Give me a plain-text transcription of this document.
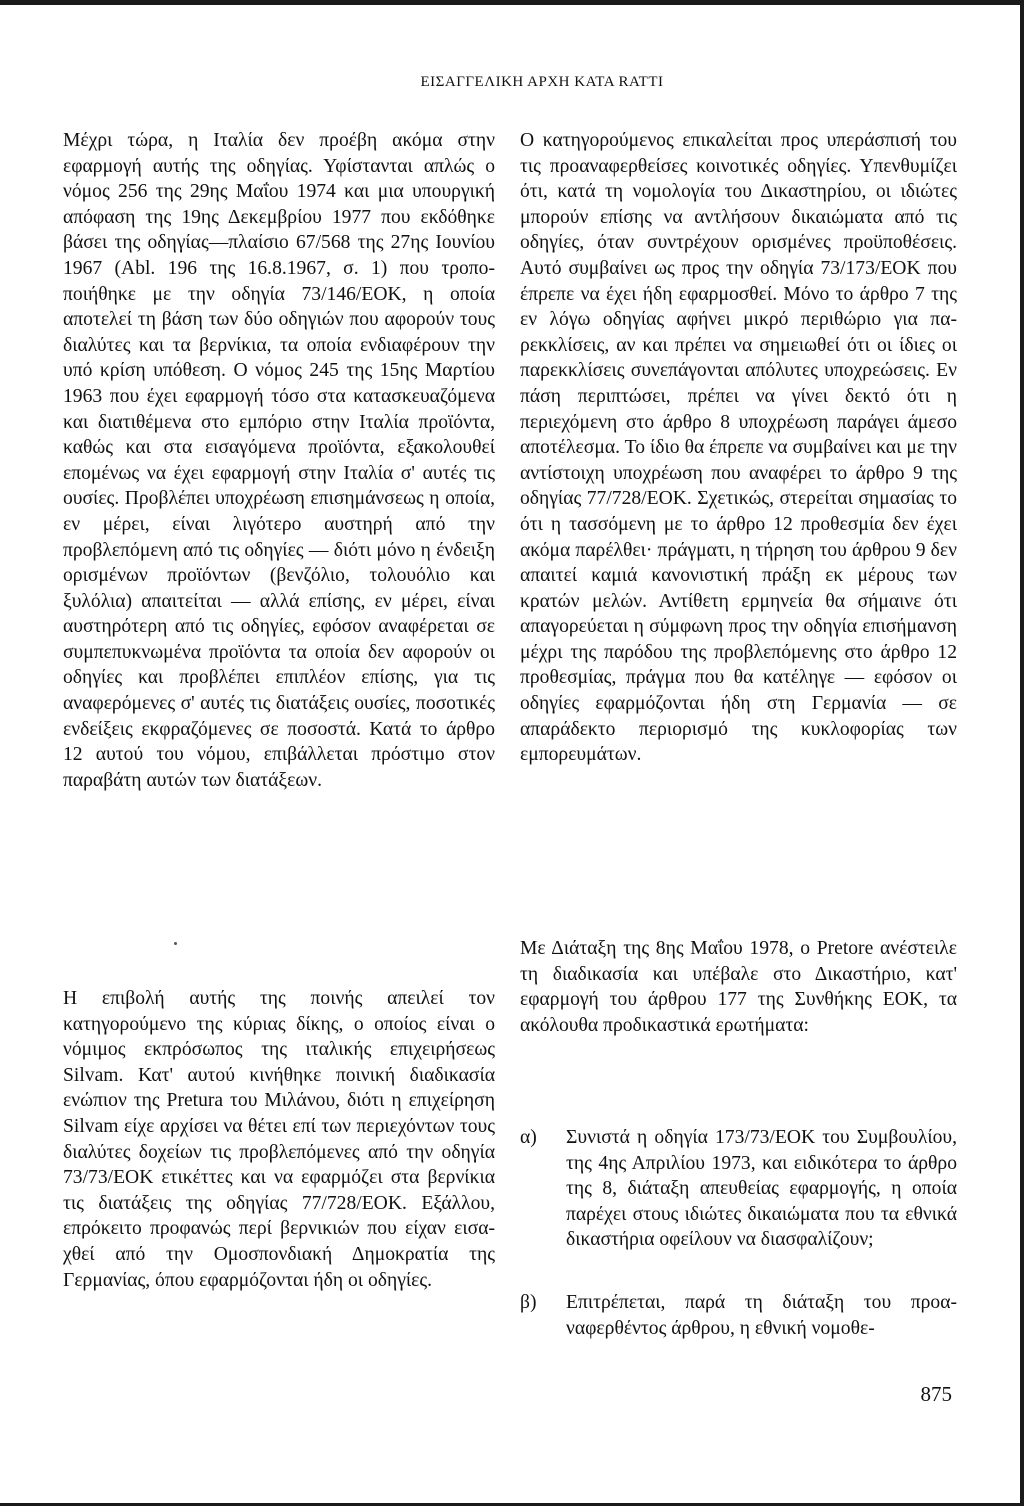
ΕΙΣΑΓΓΕΛΙΚΗ ΑΡΧΗ ΚΑΤΑ RATTI

Μέχρι τώρα, η Ιταλία δεν προέβη ακόμα στην εφαρμογή αυτής της οδηγίας. Υφίστανται απλώς ο νόμος 256 της 29ης Μαΐου 1974 και μια υπουργική απόφαση της 19ης Δεκεμβρίου 1977 που εκδόθηκε βάσει της οδηγίας—πλαίσιο 67/568 της 27ης Ιουνίου 1967 (Abl. 196 της 16.8.1967, σ. 1) που τροποποιήθηκε με την οδηγία 73/146/ΕΟΚ, η οποία αποτελεί τη βάση των δύο οδηγιών που αφορούν τους διαλύτες και τα βερνίκια, τα οποία ενδιαφέρουν την υπό κρίση υπόθεση. Ο νόμος 245 της 15ης Μαρτίου 1963 που έχει εφαρμογή τόσο στα κατασκευαζόμενα και διατιθέμενα στο εμπόριο στην Ιταλία προϊόντα, καθώς και στα εισαγόμενα προϊόντα, εξακολουθεί επομένως να έχει εφαρμογή στην Ιταλία σ' αυτές τις ουσίες. Προβλέπει υποχρέωση επισημάνσεως η οποία, εν μέρει, είναι λιγότερο αυστηρή από την προβλεπόμενη από τις οδηγίες — διότι μόνο η ένδειξη ορισμένων προϊόντων (βενζόλιο, τολουόλιο και ξυλόλια) απαιτείται — αλλά επίσης, εν μέρει, είναι αυστηρότερη από τις οδηγίες, εφόσον αναφέρεται σε συμπεπυκνωμένα προϊόντα τα οποία δεν αφορούν οι οδηγίες και προβλέπει επιπλέον επίσης, για τις αναφερόμενες σ' αυτές τις διατάξεις ουσίες, ποσοτικές ενδείξεις εκφραζόμενες σε ποσοστά. Κατά το άρθρο 12 αυτού του νόμου, επιβάλλεται πρόστιμο στον παραβάτη αυτών των διατάξεων.

Ο κατηγορούμενος επικαλείται προς υπεράσπισή του τις προαναφερθείσες κοινοτικές οδηγίες. Υπενθυμίζει ότι, κατά τη νομολογία του Δικαστηρίου, οι ιδιώτες μπορούν επίσης να αντλήσουν δικαιώματα από τις οδηγίες, όταν συντρέχουν ορισμένες προϋποθέσεις. Αυτό συμβαίνει ως προς την οδηγία 73/173/ΕΟΚ που έπρεπε να έχει ήδη εφαρμοσθεί. Μόνο το άρθρο 7 της εν λόγω οδηγίας αφήνει μικρό περιθώριο για παρεκκλίσεις, αν και πρέπει να σημειωθεί ότι οι ίδιες οι παρεκκλίσεις συνεπάγονται απόλυτες υποχρεώσεις. Εν πάση περιπτώσει, πρέπει να γίνει δεκτό ότι η περιεχόμενη στο άρθρο 8 υποχρέωση παράγει άμεσο αποτέλεσμα. Το ίδιο θα έπρεπε να συμβαίνει και με την αντίστοιχη υποχρέωση που αναφέρει το άρθρο 9 της οδηγίας 77/728/ΕΟΚ. Σχετικώς, στερείται σημασίας το ότι η τασσόμενη με το άρθρο 12 προθεσμία δεν έχει ακόμα παρέλθει· πράγματι, η τήρηση του άρθρου 9 δεν απαιτεί καμιά κανονιστική πράξη εκ μέρους των κρατών μελών. Αντίθετη ερμηνεία θα σήμαινε ότι απαγορεύεται η σύμφωνη προς την οδηγία επισήμανση μέχρι της παρόδου της προβλεπόμενης στο άρθρο 12 προθεσμίας, πράγμα που θα κατέληγε — εφόσον οι οδηγίες εφαρμόζονται ήδη στη Γερμανία — σε απαράδεκτο περιορισμό της κυκλοφορίας των εμπορευμάτων.

Η επιβολή αυτής της ποινής απειλεί τον κατηγορούμενο της κύριας δίκης, ο οποίος είναι ο νόμιμος εκπρόσωπος της ιταλικής επιχειρήσεως Silvam. Κατ' αυτού κινήθηκε ποινική διαδικασία ενώπιον της Pretura του Μιλάνου, διότι η επιχείρηση Silvam είχε αρχίσει να θέτει επί των περιεχόντων τους διαλύτες δοχείων τις προβλεπόμενες από την οδηγία 73/73/ΕΟΚ ετικέττες και να εφαρμόζει στα βερνίκια τις διατάξεις της οδηγίας 77/728/ΕΟΚ. Εξάλλου, επρόκειτο προφανώς περί βερνικιών που είχαν εισαχθεί από την Ομοσπονδιακή Δημοκρατία της Γερμανίας, όπου εφαρμόζονται ήδη οι οδηγίες.

Με Διάταξη της 8ης Μαΐου 1978, ο Pretore ανέστειλε τη διαδικασία και υπέβαλε στο Δικαστήριο, κατ' εφαρμογή του άρθρου 177 της Συνθήκης ΕΟΚ, τα ακόλουθα προδικαστικά ερωτήματα:

α)	Συνιστά η οδηγία 173/73/ΕΟΚ του Συμβουλίου, της 4ης Απριλίου 1973, και ειδικότερα το άρθρο της 8, διάταξη απευθείας εφαρμογής, η οποία παρέχει στους ιδιώτες δικαιώματα που τα εθνικά δικαστήρια οφείλουν να διασφαλίζουν;
β)	Επιτρέπεται, παρά τη διάταξη του προαναφερθέντος άρθρου, η εθνική νομοθε-
875
